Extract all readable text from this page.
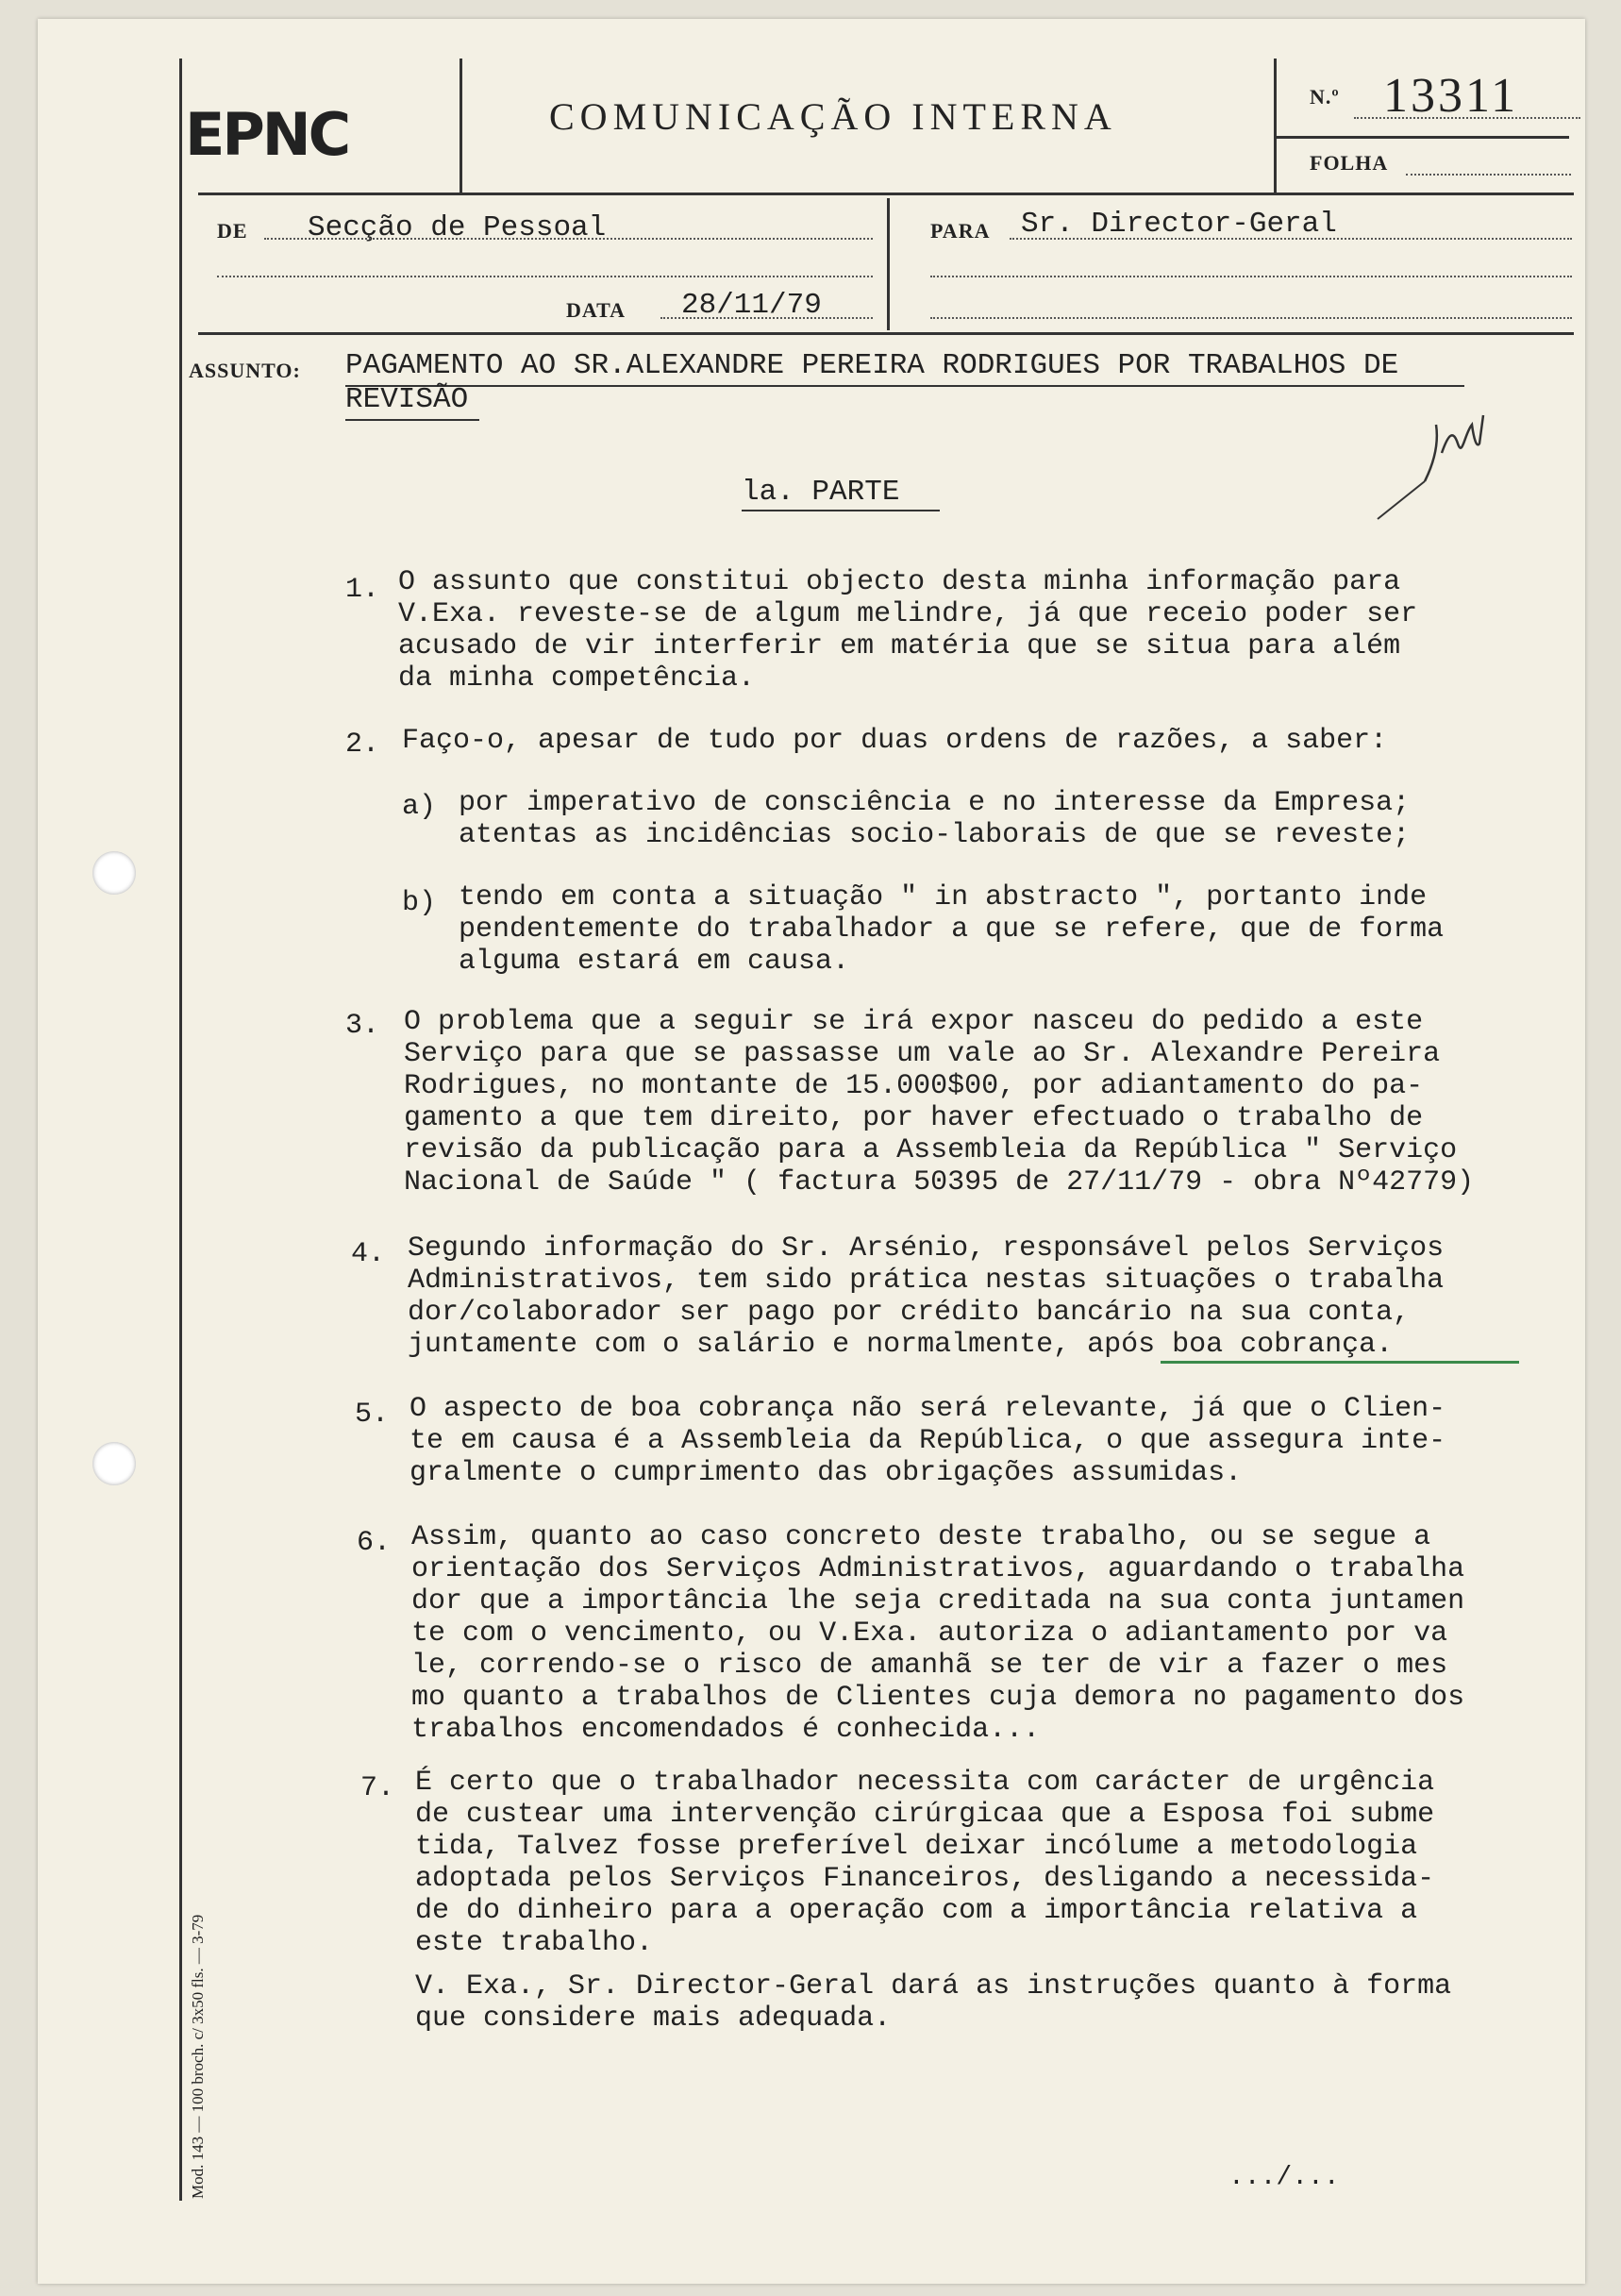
EPNC	COMUNICAÇÃO INTERNA	N.º 13311
FOLHA
DE Secção de Pessoal
DATA 28/11/79
PARA Sr. Director-Geral
ASSUNTO: PAGAMENTO AO SR.ALEXANDRE PEREIRA RODRIGUES POR TRABALHOS DE
REVISÃO
la. PARTE
1. O assunto que constitui objecto desta minha informação para
V.Exa. reveste-se de algum melindre, já que receio poder ser
acusado de vir interferir em matéria que se situa para além
da minha competência.
2. Faço-o, apesar de tudo por duas ordens de razões, a saber:
a) por imperativo de consciência e no interesse da Empresa;
atentas as incidências socio-laborais de que se reveste;
b) tendo em conta a situação " in abstracto ", portanto inde
pendentemente do trabalhador a que se refere, que de forma
alguma estará em causa.
3. O problema que a seguir se irá expor nasceu do pedido a este
Serviço para que se passasse um vale ao Sr. Alexandre Pereira
Rodrigues, no montante de 15.000$00, por adiantamento do pa-
gamento a que tem direito, por haver efectuado o trabalho de
revisão da publicação para a Assembleia da República " Serviço
Nacional de Saúde " ( factura 50395 de 27/11/79 - obra Nº42779)
4. Segundo informação do Sr. Arsénio, responsável pelos Serviços
Administrativos, tem sido prática nestas situações o trabalha
dor/colaborador ser pago por crédito bancário na sua conta,
juntamente com o salário e normalmente, após boa cobrança.
5. O aspecto de boa cobrança não será relevante, já que o Clien-
te em causa é a Assembleia da República, o que assegura inte-
gralmente o cumprimento das obrigações assumidas.
6. Assim, quanto ao caso concreto deste trabalho, ou se segue a
orientação dos Serviços Administrativos, aguardando o trabalha
dor que a importância lhe seja creditada na sua conta juntamen
te com o vencimento, ou V.Exa. autoriza o adiantamento por va
le, correndo-se o risco de amanhã se ter de vir a fazer o mes
mo quanto a trabalhos de Clientes cuja demora no pagamento dos
trabalhos encomendados é conhecida...
7. É certo que o trabalhador necessita com carácter de urgência
de custear uma intervenção cirúrgicaa que a Esposa foi subme
tida, Talvez fosse preferível deixar incólume a metodologia
adoptada pelos Serviços Financeiros, desligando a necessida-
de do dinheiro para a operação com a importância relativa a
este trabalho.
V. Exa., Sr. Director-Geral dará as instruções quanto à forma
que considere mais adequada.
.../...
Mod. 143 — 100 broch. c/ 3x50 fls. — 3-79
